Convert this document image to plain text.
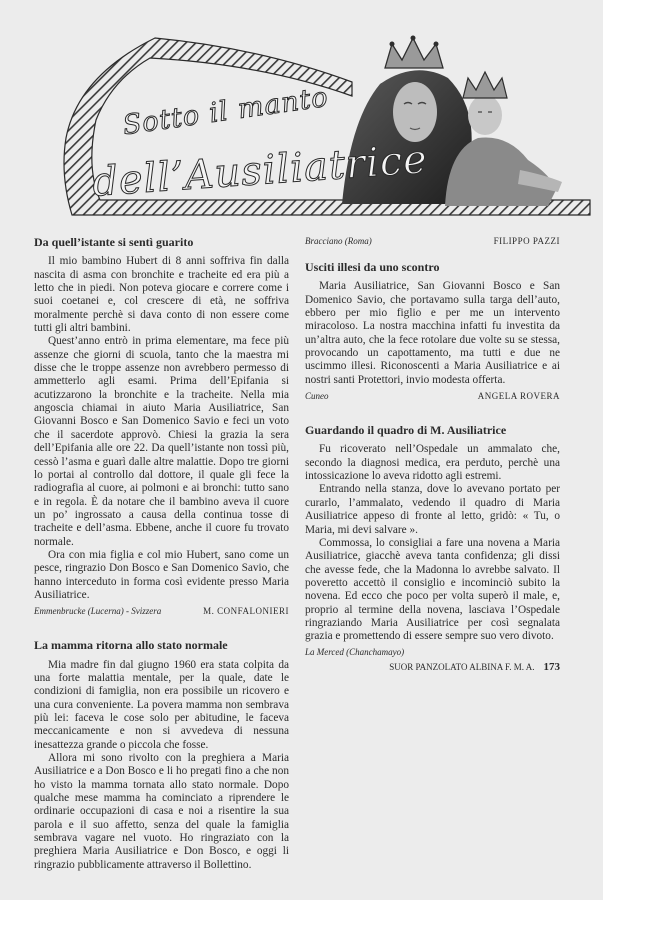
Sotto il manto
dell’Ausiliatrice
Da quell’istante si sentì guarito

Il mio bambino Hubert di 8 anni soffriva fin dalla nascita di asma con bronchite e tracheite ed era più a letto che in piedi. Non poteva giocare e correre come i suoi coetanei e, col crescere di età, ne soffriva moralmente perchè si dava conto di non essere come tutti gli altri bambini.

Quest’anno entrò in prima elementare, ma fece più assenze che giorni di scuola, tanto che la maestra mi disse che le troppe assenze non avrebbero permesso di ammetterlo agli esami. Prima dell’Epifania si acutizzarono la bronchite e la tracheite. Nella mia angoscia chiamai in aiuto Maria Ausiliatrice, San Giovanni Bosco e San Domenico Savio e feci un voto che il sacerdote approvò. Chiesi la grazia la sera dell’Epifania alle ore 22. Da quell’istante non tossì più, cessò l’asma e guarì dalle altre malattie. Dopo tre giorni lo portai al controllo dal dottore, il quale gli fece la radiografia al cuore, ai polmoni e ai bronchi: tutto sano e in regola. È da notare che il bambino aveva il cuore un po’ ingrossato a causa della continua tosse di tracheite e dell’asma. Ebbene, anche il cuore fu trovato normale.

Ora con mia figlia e col mio Hubert, sano come un pesce, ringrazio Don Bosco e San Domenico Savio, che hanno interceduto in forma così evidente presso Maria Ausiliatrice.

Emmenbrucke (Lucerna) - Svizzera	M. CONFALONIERI
La mamma ritorna allo stato normale

Mia madre fin dal giugno 1960 era stata colpita da una forte malattia mentale, per la quale, date le condizioni di famiglia, non era possibile un ricovero e una cura conveniente. La povera mamma non sembrava più lei: faceva le cose solo per abitudine, le faceva meccanicamente e non si avvedeva di nessuna inesattezza grande o piccola che fosse.

Allora mi sono rivolto con la preghiera a Maria Ausiliatrice e a Don Bosco e li ho pregati fino a che non ho visto la mamma tornata allo stato normale. Dopo qualche mese mamma ha cominciato a riprendere le ordinarie occupazioni di casa e noi a risentire la sua parola e il suo affetto, senza del quale la famiglia sembrava vagare nel vuoto. Ho ringraziato con la preghiera Maria Ausiliatrice e Don Bosco, e oggi li ringrazio pubblicamente attraverso il Bollettino.

Bracciano (Roma)	FILIPPO PAZZI
Usciti illesi da uno scontro

Maria Ausiliatrice, San Giovanni Bosco e San Domenico Savio, che portavamo sulla targa dell’auto, ebbero per mio figlio e per me un intervento miracoloso. La nostra macchina infatti fu investita da un’altra auto, che la fece rotolare due volte su se stessa, provocando un capottamento, ma tutti e due ne uscimmo illesi. Riconoscenti a Maria Ausiliatrice e ai nostri santi Protettori, invio modesta offerta.

Cuneo	ANGELA ROVERA
Guardando il quadro di M. Ausiliatrice

Fu ricoverato nell’Ospedale un ammalato che, secondo la diagnosi medica, era perduto, perchè una intossicazione lo aveva ridotto agli estremi.

Entrando nella stanza, dove lo avevano portato per curarlo, l’ammalato, vedendo il quadro di Maria Ausiliatrice appeso di fronte al letto, gridò: « Tu, o Maria, mi devi salvare ».

Commossa, lo consigliai a fare una novena a Maria Ausiliatrice, giacchè aveva tanta confidenza; gli dissi che avesse fede, che la Madonna lo avrebbe salvato. Il poveretto accettò il consiglio e incominciò subito la novena. Ed ecco che poco per volta superò il male, e, proprio al termine della novena, lasciava l’Ospedale ringraziando Maria Ausiliatrice per così segnalata grazia e promettendo di essere sempre suo vero divoto.

La Merced (Chanchamayo)
SUOR PANZOLATO ALBINA F. M. A. 173
